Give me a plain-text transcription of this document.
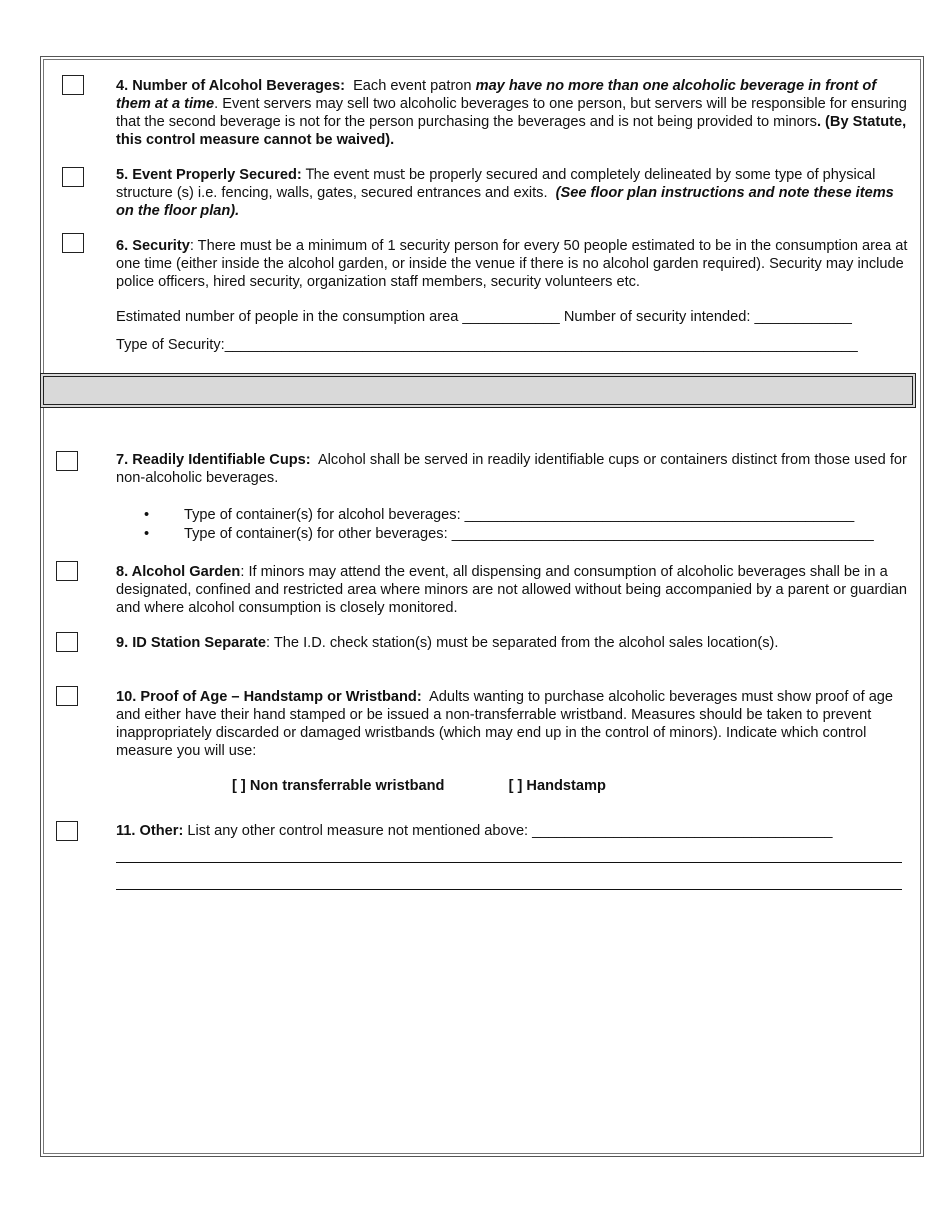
4. Number of Alcohol Beverages: Each event patron may have no more than one alcoholic beverage in front of them at a time. Event servers may sell two alcoholic beverages to one person, but servers will be responsible for ensuring that the second beverage is not for the person purchasing the beverages and is not being provided to minors. (By Statute, this control measure cannot be waived).

5. Event Properly Secured: The event must be properly secured and completely delineated by some type of physical structure (s) i.e. fencing, walls, gates, secured entrances and exits. (See floor plan instructions and note these items on the floor plan).

6. Security: There must be a minimum of 1 security person for every 50 people estimated to be in the consumption area at one time (either inside the alcohol garden, or inside the venue if there is no alcohol garden required). Security may include police officers, hired security, organization staff members, security volunteers etc.

Estimated number of people in the consumption area ____________ Number of security intended: ____________
Type of Security:______________________________________________________________________________

7. Readily Identifiable Cups: Alcohol shall be served in readily identifiable cups or containers distinct from those used for non-alcoholic beverages.

• Type of container(s) for alcohol beverages: ________________________________________________
• Type of container(s) for other beverages: ____________________________________________________

8. Alcohol Garden: If minors may attend the event, all dispensing and consumption of alcoholic beverages shall be in a designated, confined and restricted area where minors are not allowed without being accompanied by a parent or guardian and where alcohol consumption is closely monitored.

9. ID Station Separate: The I.D. check station(s) must be separated from the alcohol sales location(s).

10. Proof of Age – Handstamp or Wristband: Adults wanting to purchase alcoholic beverages must show proof of age and either have their hand stamped or be issued a non-transferrable wristband. Measures should be taken to prevent inappropriately discarded or damaged wristbands (which may end up in the control of minors). Indicate which control measure you will use:

[ ] Non transferrable wristband	[ ] Handstamp
11. Other: List any other control measure not mentioned above: _____________________________________
